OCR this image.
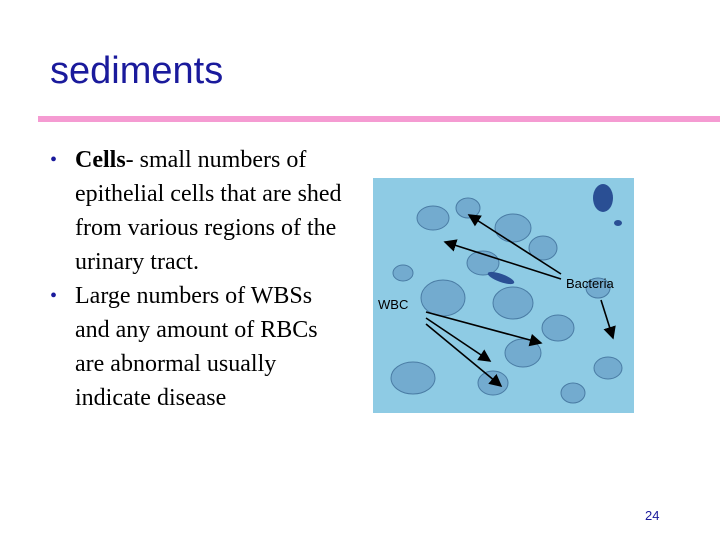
sediments
• Cells- small numbers of epithelial cells that are shed from various regions of the urinary tract.
• Large numbers of WBSs and any amount of RBCs are abnormal usually indicate disease
Bacteria
WBC
24
